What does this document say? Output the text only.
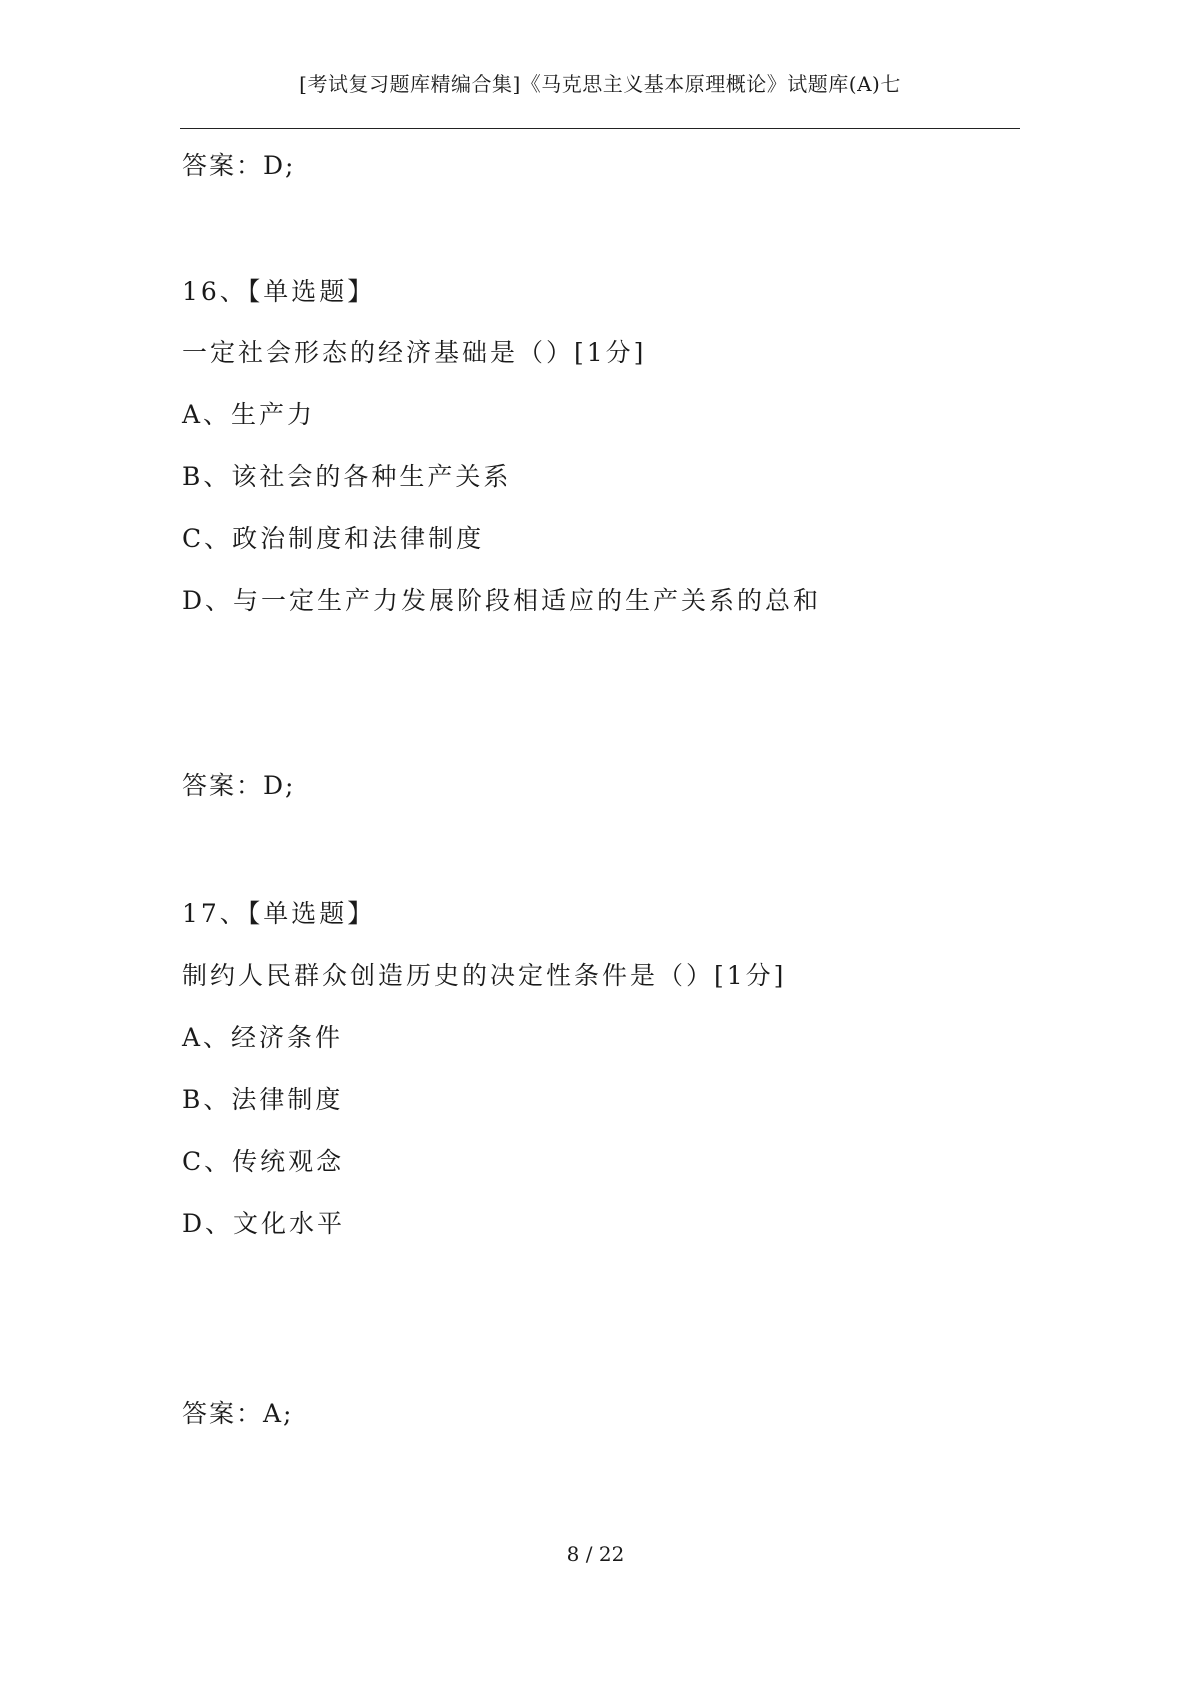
[考试复习题库精编合集]《马克思主义基本原理概论》试题库(A)七
答案：D;
16、【单选题】
一定社会形态的经济基础是（）[1分]
A、生产力
B、该社会的各种生产关系
C、政治制度和法律制度
D、与一定生产力发展阶段相适应的生产关系的总和
答案：D;
17、【单选题】
制约人民群众创造历史的决定性条件是（）[1分]
A、经济条件
B、法律制度
C、传统观念
D、文化水平
答案：A;
8 / 22
